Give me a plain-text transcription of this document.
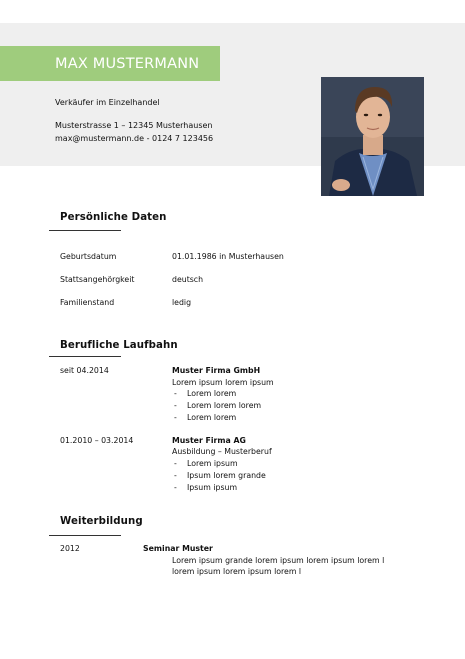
MAX MUSTERMANN
Verkäufer im Einzelhandel
Musterstrasse 1 – 12345 Musterhausen
max@mustermann.de - 0124 7 123456
Persönliche Daten
Geburtsdatum	01.01.1986 in Musterhausen
Stattsangehörgkeit	deutsch
Familienstand	ledig
Berufliche Laufbahn
seit 04.2014	Muster Firma GmbH
Lorem ipsum lorem ipsum
- Lorem lorem
- Lorem lorem lorem
- Lorem lorem
01.2010 – 03.2014	Muster Firma AG
Ausbildung – Musterberuf
- Lorem ipsum
- Ipsum lorem grande
- Ipsum ipsum
Weiterbildung
2012	Seminar Muster
Lorem ipsum grande lorem ipsum lorem ipsum lorem l
lorem ipsum lorem ipsum lorem l
